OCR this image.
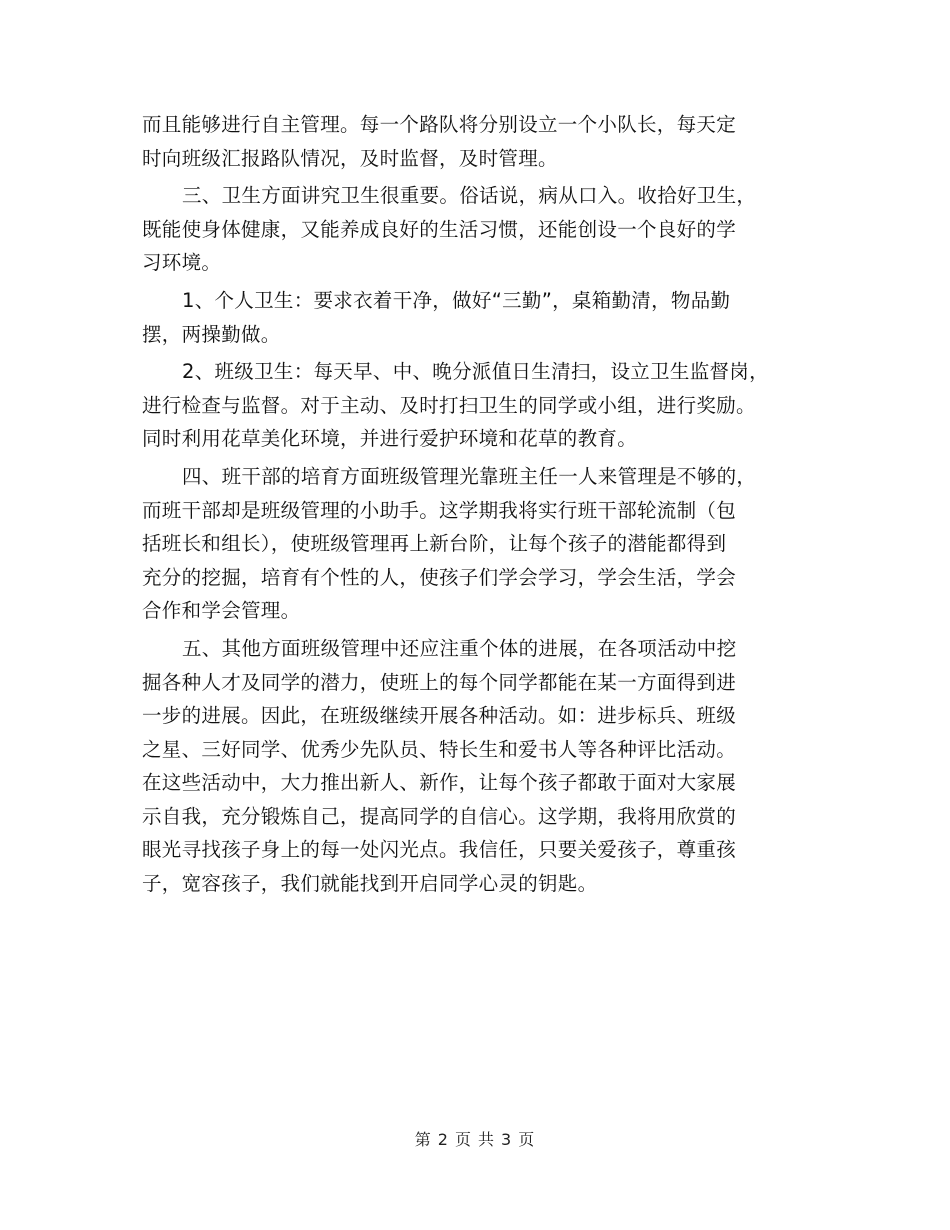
而且能够进行自主管理。每一个路队将分别设立一个小队长，每天定
时向班级汇报路队情况，及时监督，及时管理。
三、卫生方面讲究卫生很重要。俗话说，病从口入。收拾好卫生，
既能使身体健康，又能养成良好的生活习惯，还能创设一个良好的学
习环境。
1、个人卫生：要求衣着干净，做好“三勤”，桌箱勤清，物品勤
摆，两操勤做。
2、班级卫生：每天早、中、晚分派值日生清扫，设立卫生监督岗，
进行检查与监督。对于主动、及时打扫卫生的同学或小组，进行奖励。
同时利用花草美化环境，并进行爱护环境和花草的教育。
四、班干部的培育方面班级管理光靠班主任一人来管理是不够的，
而班干部却是班级管理的小助手。这学期我将实行班干部轮流制（包
括班长和组长），使班级管理再上新台阶，让每个孩子的潜能都得到
充分的挖掘，培育有个性的人，使孩子们学会学习，学会生活，学会
合作和学会管理。
五、其他方面班级管理中还应注重个体的进展，在各项活动中挖
掘各种人才及同学的潜力，使班上的每个同学都能在某一方面得到进
一步的进展。因此，在班级继续开展各种活动。如：进步标兵、班级
之星、三好同学、优秀少先队员、特长生和爱书人等各种评比活动。
在这些活动中，大力推出新人、新作，让每个孩子都敢于面对大家展
示自我，充分锻炼自己，提高同学的自信心。这学期，我将用欣赏的
眼光寻找孩子身上的每一处闪光点。我信任，只要关爱孩子，尊重孩
子，宽容孩子，我们就能找到开启同学心灵的钥匙。
第 2 页 共 3 页
